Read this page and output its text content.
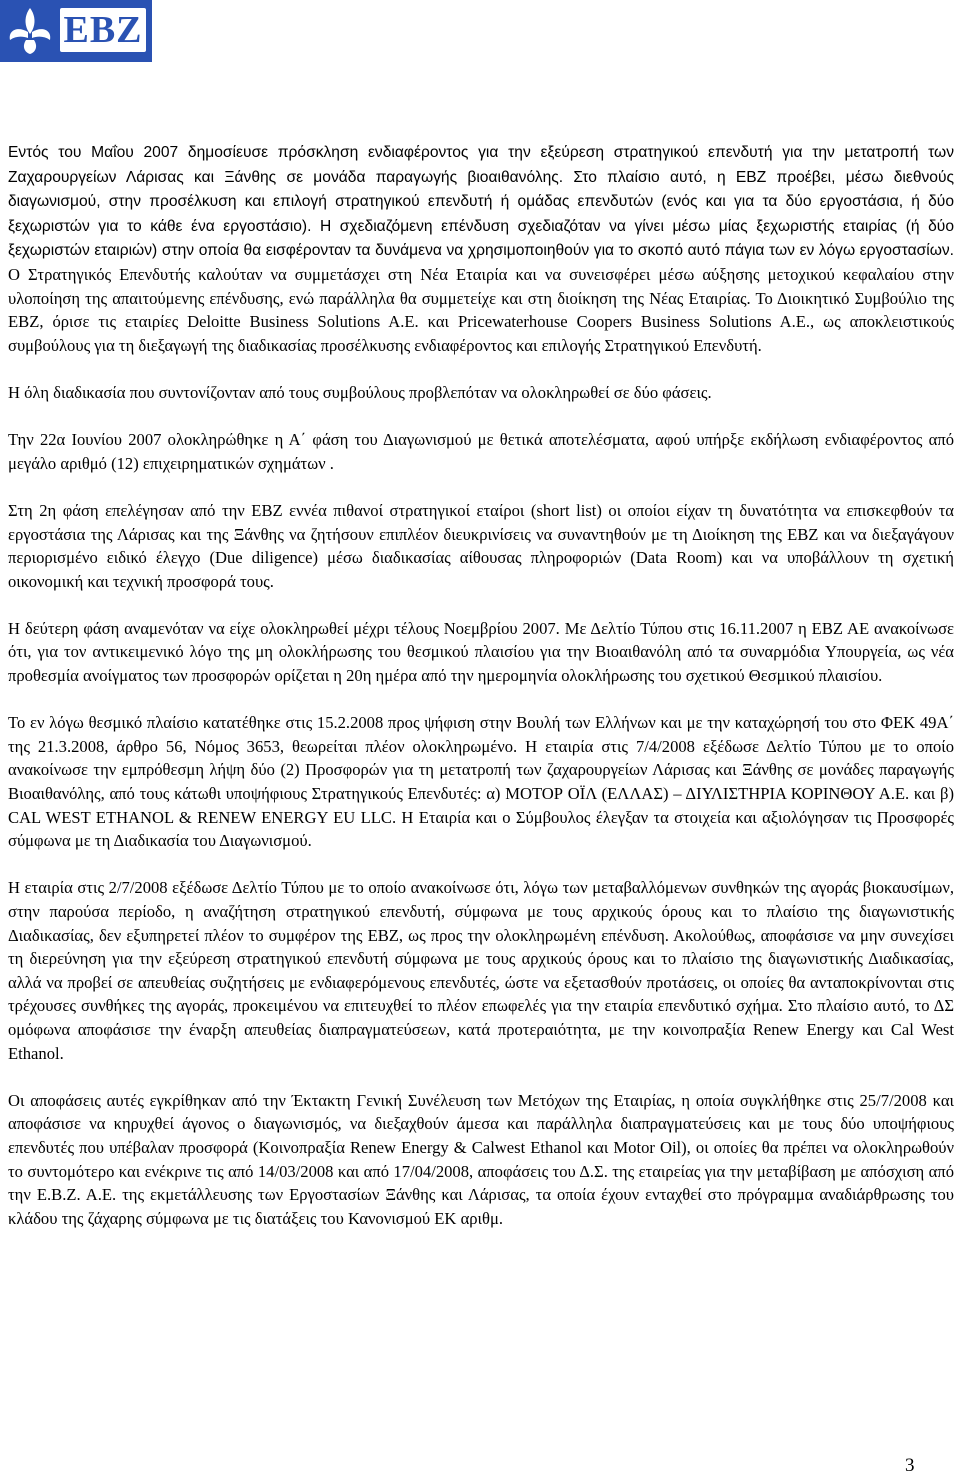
EBZ

Εντός του Μαΐου 2007 δημοσίευσε πρόσκληση ενδιαφέροντος για την εξεύρεση στρατηγικού επενδυτή για την μετατροπή των Ζαχαρουργείων Λάρισας και Ξάνθης σε μονάδα παραγωγής βιοαιθανόλης. Στο πλαίσιο αυτό, η ΕΒΖ προέβει, μέσω διεθνούς διαγωνισμού, στην προσέλκυση και επιλογή στρατηγικού επενδυτή ή ομάδας επενδυτών (ενός και για τα δύο εργοστάσια, ή δύο ξεχωριστών για το κάθε ένα εργοστάσιο). Η σχεδιαζόμενη επένδυση σχεδιαζόταν να γίνει μέσω μίας ξεχωριστής εταιρίας (ή δύο ξεχωριστών εταιριών) στην οποία θα εισφέρονταν τα δυνάμενα να χρησιμοποιηθούν για το σκοπό αυτό πάγια των εν λόγω εργοστασίων. Ο Στρατηγικός Επενδυτής καλούταν να συμμετάσχει στη Νέα Εταιρία και να συνεισφέρει μέσω αύξησης μετοχικού κεφαλαίου στην υλοποίηση της απαιτούμενης επένδυσης, ενώ παράλληλα θα συμμετείχε και στη διοίκηση της Νέας Εταιρίας. Το Διοικητικό Συμβούλιο της ΕΒΖ, όρισε τις εταιρίες Deloitte Business Solutions A.E. και Pricewaterhouse Coopers Business Solutions A.E., ως αποκλειστικούς συμβούλους για τη διεξαγωγή της διαδικασίας προσέλκυσης ενδιαφέροντος και επιλογής Στρατηγικού Επενδυτή.

Η όλη διαδικασία που συντονίζονταν από τους συμβούλους προβλεπόταν να ολοκληρωθεί σε δύο φάσεις.

Την 22α Ιουνίου 2007 ολοκληρώθηκε η Α΄ φάση του Διαγωνισμού με θετικά αποτελέσματα, αφού υπήρξε εκδήλωση ενδιαφέροντος από μεγάλο αριθμό (12) επιχειρηματικών σχημάτων .

Στη 2η φάση επελέγησαν από την ΕΒΖ εννέα πιθανοί στρατηγικοί εταίροι (short list) οι οποίοι είχαν τη δυνατότητα να επισκεφθούν τα εργοστάσια της Λάρισας και της Ξάνθης να ζητήσουν επιπλέον διευκρινίσεις να συναντηθούν με τη Διοίκηση της ΕΒΖ και να διεξαγάγουν περιορισμένο ειδικό έλεγχο (Due diligence) μέσω διαδικασίας αίθουσας πληροφοριών (Data Room) και να υποβάλλουν τη σχετική οικονομική και τεχνική προσφορά τους.

Η δεύτερη φάση αναμενόταν να είχε ολοκληρωθεί μέχρι τέλους Νοεμβρίου 2007. Με Δελτίο Τύπου στις 16.11.2007 η ΕΒΖ ΑΕ ανακοίνωσε ότι, για τον αντικειμενικό λόγο της μη ολοκλήρωσης του θεσμικού πλαισίου για την Βιοαιθανόλη από τα συναρμόδια Υπουργεία, ως νέα προθεσμία ανοίγματος των προσφορών ορίζεται η 20η ημέρα από την ημερομηνία ολοκλήρωσης του σχετικού Θεσμικού πλαισίου.

Το εν λόγω θεσμικό πλαίσιο κατατέθηκε στις 15.2.2008 προς ψήφιση στην Βουλή των Ελλήνων και με την καταχώρησή του στο ΦΕΚ 49Α΄ της 21.3.2008, άρθρο 56, Νόμος 3653, θεωρείται πλέον ολοκληρωμένο. Η εταιρία στις 7/4/2008 εξέδωσε Δελτίο Τύπου με το οποίο ανακοίνωσε την εμπρόθεσμη λήψη δύο (2) Προσφορών για τη μετατροπή των ζαχαρουργείων Λάρισας και Ξάνθης σε μονάδες παραγωγής Βιοαιθανόλης, από τους κάτωθι υποψήφιους Στρατηγικούς Επενδυτές: α) ΜΟΤΟΡ ΟΪΛ (ΕΛΛΑΣ) – ΔΙΥΛΙΣΤΗΡΙΑ ΚΟΡΙΝΘΟΥ Α.Ε. και β) CAL WEST ETHANOL & RENEW ENERGY EU LLC. Η Εταιρία και ο Σύμβουλος έλεγξαν τα στοιχεία και αξιολόγησαν τις Προσφορές σύμφωνα με τη Διαδικασία του Διαγωνισμού.

Η εταιρία στις 2/7/2008 εξέδωσε Δελτίο Τύπου με το οποίο ανακοίνωσε ότι, λόγω των μεταβαλλόμενων συνθηκών της αγοράς βιοκαυσίμων, στην παρούσα περίοδο, η αναζήτηση στρατηγικού επενδυτή, σύμφωνα με τους αρχικούς όρους και το πλαίσιο της διαγωνιστικής Διαδικασίας, δεν εξυπηρετεί πλέον το συμφέρον της ΕΒΖ, ως προς την ολοκληρωμένη επένδυση. Ακολούθως, αποφάσισε να μην συνεχίσει τη διερεύνηση για την εξεύρεση στρατηγικού επενδυτή σύμφωνα με τους αρχικούς όρους και το πλαίσιο της διαγωνιστικής Διαδικασίας, αλλά να προβεί σε απευθείας συζητήσεις με ενδιαφερόμενους επενδυτές, ώστε να εξετασθούν προτάσεις, οι οποίες θα ανταποκρίνονται στις τρέχουσες συνθήκες της αγοράς, προκειμένου να επιτευχθεί το πλέον επωφελές για την εταιρία επενδυτικό σχήμα. Στο πλαίσιο αυτό, το ΔΣ ομόφωνα αποφάσισε την έναρξη απευθείας διαπραγματεύσεων, κατά προτεραιότητα, με την κοινοπραξία Renew Energy και Cal West Ethanol.

Οι αποφάσεις αυτές εγκρίθηκαν από την Έκτακτη Γενική Συνέλευση των Μετόχων της Εταιρίας, η οποία συγκλήθηκε στις 25/7/2008 και αποφάσισε να κηρυχθεί άγονος ο διαγωνισμός, να διεξαχθούν άμεσα και παράλληλα διαπραγματεύσεις και με τους δύο υποψήφιους επενδυτές που υπέβαλαν προσφορά (Κοινοπραξία Renew Energy & Calwest Ethanol και Motor Oil), οι οποίες θα πρέπει να ολοκληρωθούν το συντομότερο και ενέκρινε τις από 14/03/2008 και από 17/04/2008, αποφάσεις του Δ.Σ. της εταιρείας για την μεταβίβαση με απόσχιση από την Ε.Β.Ζ. Α.Ε. της εκμετάλλευσης των Εργοστασίων Ξάνθης και Λάρισας, τα οποία έχουν ενταχθεί στο πρόγραμμα αναδιάρθρωσης του κλάδου της ζάχαρης σύμφωνα με τις διατάξεις του Κανονισμού ΕΚ αριθμ.

3
